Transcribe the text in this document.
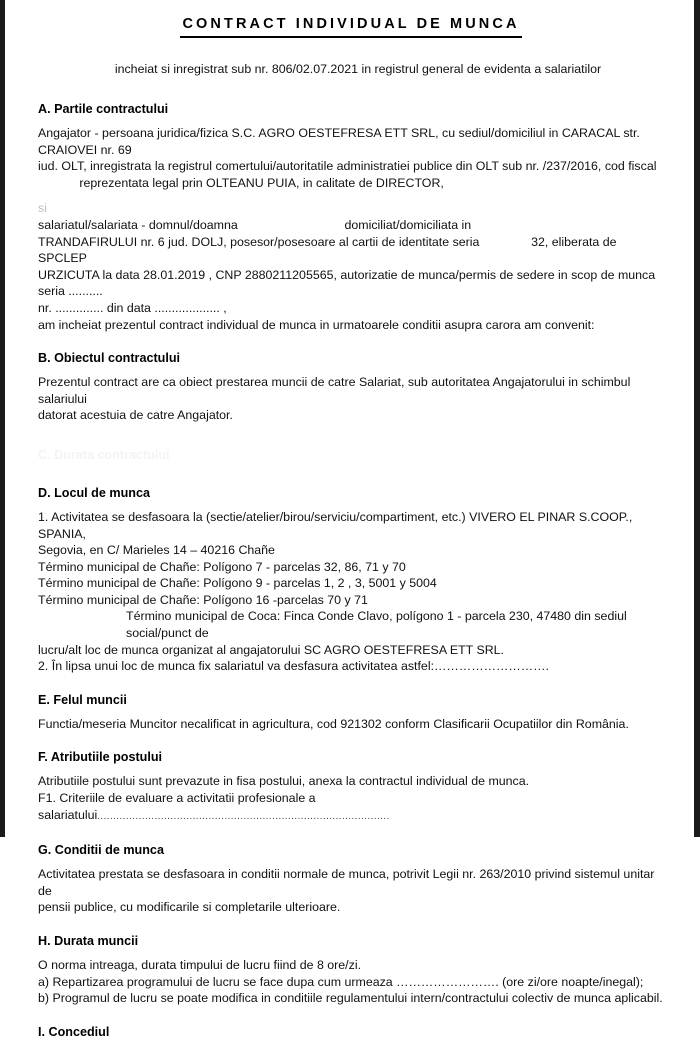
CONTRACT INDIVIDUAL DE MUNCA
incheiat si inregistrat sub nr. 806/02.07.2021 in registrul general de evidenta a salariatilor
A. Partile contractului
Angajator - persoana juridica/fizica S.C. AGRO OESTEFRESA ETT SRL, cu sediul/domiciliul in CARACAL str. CRAIOVEI nr. 69
iud. OLT, inregistrata la registrul comertului/autoritatile administratiei publice din OLT sub nr. /237/2016, cod fiscal
reprezentata legal prin OLTEANU PUIA, in calitate de DIRECTOR,
si
salariatul/salariata - domnul/doamna	domiciliat/domiciliata in
TRANDAFIRULUI nr. 6 jud. DOLJ, posesor/posesoare al cartii de identitate seria	32, eliberata de SPCLEP
URZICUTA la data 28.01.2019 , CNP 2880211205565, autorizatie de munca/permis de sedere in scop de munca seria ..........
nr. .............. din data ................... ,
am incheiat prezentul contract individual de munca in urmatoarele conditii asupra carora am convenit:
B. Obiectul contractului
Prezentul contract are ca obiect prestarea muncii de catre Salariat, sub autoritatea Angajatorului in schimbul salariului
datorat acestuia de catre Angajator.
C. Durata contractului
D. Locul de munca
1. Activitatea se desfasoara la (sectie/atelier/birou/serviciu/compartiment, etc.) VIVERO EL PINAR S.COOP., SPANIA,
Segovia, en C/ Marieles 14 – 40216 Chañe
Término municipal de Chañe: Polígono 7 - parcelas 32, 86, 71 y 70
Término municipal de Chañe: Polígono 9 - parcelas 1, 2 , 3, 5001 y 5004
Término municipal de Chañe: Polígono 16 -parcelas 70 y 71
Término municipal de Coca: Finca Conde Clavo, polígono 1 - parcela 230, 47480 din sediul social/punct de
lucru/alt loc de munca organizat al angajatorului SC AGRO OESTEFRESA ETT SRL.
2. În lipsa unui loc de munca fix salariatul va desfasura activitatea astfel:……………………….
E. Felul muncii
Functia/meseria Muncitor necalificat in agricultura, cod 921302 conform Clasificarii Ocupatiilor din România.
F. Atributiile postului
Atributiile postului sunt prevazute in fisa postului, anexa la contractul individual de munca.
F1. Criteriile de evaluare a activitatii profesionale a salariatului............................................................................................
G. Conditii de munca
Activitatea prestata se desfasoara in conditii normale de munca, potrivit Legii nr. 263/2010 privind sistemul unitar de
pensii publice, cu modificarile si completarile ulterioare.
H. Durata muncii
O norma intreaga, durata timpului de lucru fiind de 8 ore/zi.
a) Repartizarea programului de lucru se face dupa cum urmeaza ……………………. (ore zi/ore noapte/inegal);
b) Programul de lucru se poate modifica in conditiile regulamentului intern/contractului colectiv de munca aplicabil.
I. Concediul
